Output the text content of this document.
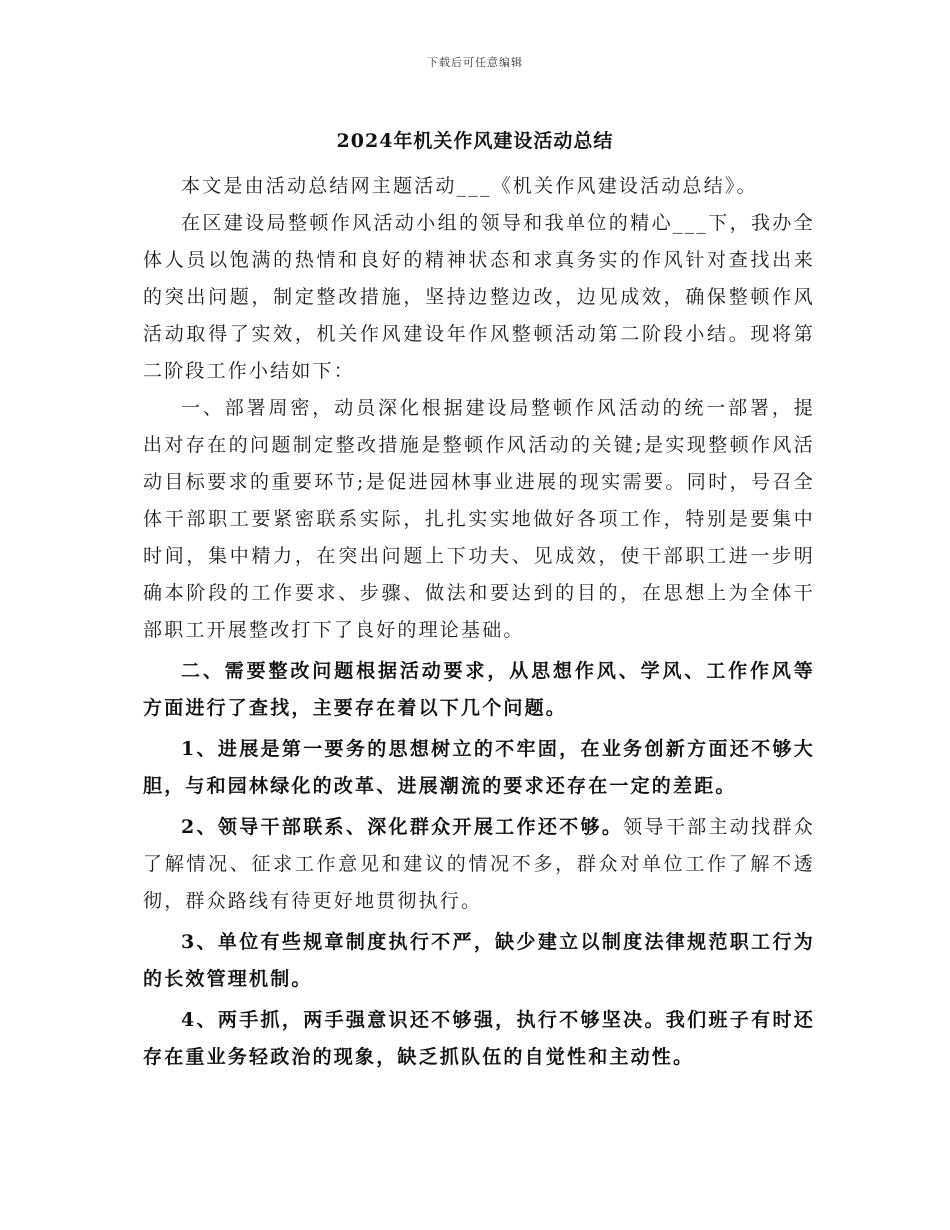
下载后可任意编辑
2024年机关作风建设活动总结

本文是由活动总结网主题活动___《机关作风建设活动总结》。

在区建设局整顿作风活动小组的领导和我单位的精心___下，我办全体人员以饱满的热情和良好的精神状态和求真务实的作风针对查找出来的突出问题，制定整改措施，坚持边整边改，边见成效，确保整顿作风活动取得了实效，机关作风建设年作风整顿活动第二阶段小结。现将第二阶段工作小结如下：

一、部署周密，动员深化根据建设局整顿作风活动的统一部署，提出对存在的问题制定整改措施是整顿作风活动的关键;是实现整顿作风活动目标要求的重要环节;是促进园林事业进展的现实需要。同时，号召全体干部职工要紧密联系实际，扎扎实实地做好各项工作，特别是要集中时间，集中精力，在突出问题上下功夫、见成效，使干部职工进一步明确本阶段的工作要求、步骤、做法和要达到的目的，在思想上为全体干部职工开展整改打下了良好的理论基础。

二、需要整改问题根据活动要求，从思想作风、学风、工作作风等方面进行了查找，主要存在着以下几个问题。

1、进展是第一要务的思想树立的不牢固，在业务创新方面还不够大胆，与和园林绿化的改革、进展潮流的要求还存在一定的差距。

2、领导干部联系、深化群众开展工作还不够。领导干部主动找群众了解情况、征求工作意见和建议的情况不多，群众对单位工作了解不透彻，群众路线有待更好地贯彻执行。

3、单位有些规章制度执行不严，缺少建立以制度法律规范职工行为的长效管理机制。

4、两手抓，两手强意识还不够强，执行不够坚决。我们班子有时还存在重业务轻政治的现象，缺乏抓队伍的自觉性和主动性。
